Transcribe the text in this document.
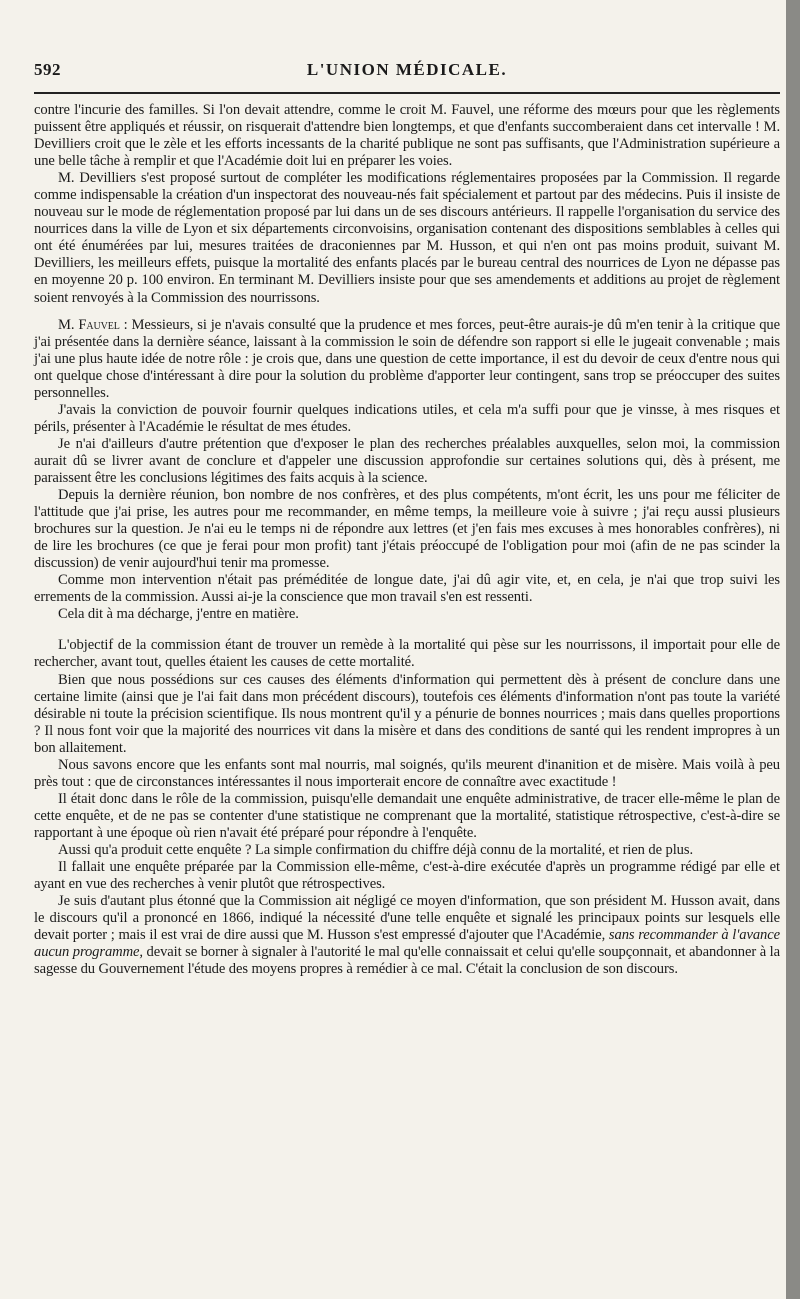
592	L'UNION MÉDICALE.

contre l'incurie des familles. Si l'on devait attendre, comme le croit M. Fauvel, une réforme des mœurs pour que les règlements puissent être appliqués et réussir, on risquerait d'attendre bien longtemps, et que d'enfants succomberaient dans cet intervalle ! M. Devilliers croit que le zèle et les efforts incessants de la charité publique ne sont pas suffisants, que l'Administration supérieure a une belle tâche à remplir et que l'Académie doit lui en préparer les voies.

M. Devilliers s'est proposé surtout de compléter les modifications réglementaires proposées par la Commission. Il regarde comme indispensable la création d'un inspectorat des nouveau-nés fait spécialement et partout par des médecins. Puis il insiste de nouveau sur le mode de réglementation proposé par lui dans un de ses discours antérieurs. Il rappelle l'organisation du service des nourrices dans la ville de Lyon et six départements circonvoisins, organisation contenant des dispositions semblables à celles qui ont été énumérées par lui, mesures traitées de draconiennes par M. Husson, et qui n'en ont pas moins produit, suivant M. Devilliers, les meilleurs effets, puisque la mortalité des enfants placés par le bureau central des nourrices de Lyon ne dépasse pas en moyenne 20 p. 100 environ. En terminant M. Devilliers insiste pour que ses amendements et additions au projet de règlement soient renvoyés à la Commission des nourrissons.

M. Fauvel : Messieurs, si je n'avais consulté que la prudence et mes forces, peut-être aurais-je dû m'en tenir à la critique que j'ai présentée dans la dernière séance, laissant à la commission le soin de défendre son rapport si elle le jugeait convenable ; mais j'ai une plus haute idée de notre rôle : je crois que, dans une question de cette importance, il est du devoir de ceux d'entre nous qui ont quelque chose d'intéressant à dire pour la solution du problème d'apporter leur contingent, sans trop se préoccuper des suites personnelles.

J'avais la conviction de pouvoir fournir quelques indications utiles, et cela m'a suffi pour que je vinsse, à mes risques et périls, présenter à l'Académie le résultat de mes études.

Je n'ai d'ailleurs d'autre prétention que d'exposer le plan des recherches préalables auxquelles, selon moi, la commission aurait dû se livrer avant de conclure et d'appeler une discussion approfondie sur certaines solutions qui, dès à présent, me paraissent être les conclusions légitimes des faits acquis à la science.

Depuis la dernière réunion, bon nombre de nos confrères, et des plus compétents, m'ont écrit, les uns pour me féliciter de l'attitude que j'ai prise, les autres pour me recommander, en même temps, la meilleure voie à suivre ; j'ai reçu aussi plusieurs brochures sur la question. Je n'ai eu le temps ni de répondre aux lettres (et j'en fais mes excuses à mes honorables confrères), ni de lire les brochures (ce que je ferai pour mon profit) tant j'étais préoccupé de l'obligation pour moi (afin de ne pas scinder la discussion) de venir aujourd'hui tenir ma promesse.

Comme mon intervention n'était pas préméditée de longue date, j'ai dû agir vite, et, en cela, je n'ai que trop suivi les errements de la commission. Aussi ai-je la conscience que mon travail s'en est ressenti.

Cela dit à ma décharge, j'entre en matière.

L'objectif de la commission étant de trouver un remède à la mortalité qui pèse sur les nourrissons, il importait pour elle de rechercher, avant tout, quelles étaient les causes de cette mortalité.

Bien que nous possédions sur ces causes des éléments d'information qui permettent dès à présent de conclure dans une certaine limite (ainsi que je l'ai fait dans mon précédent discours), toutefois ces éléments d'information n'ont pas toute la variété désirable ni toute la précision scientifique. Ils nous montrent qu'il y a pénurie de bonnes nourrices ; mais dans quelles proportions ? Il nous font voir que la majorité des nourrices vit dans la misère et dans des conditions de santé qui les rendent impropres à un bon allaitement.

Nous savons encore que les enfants sont mal nourris, mal soignés, qu'ils meurent d'inanition et de misère. Mais voilà à peu près tout : que de circonstances intéressantes il nous importerait encore de connaître avec exactitude !

Il était donc dans le rôle de la commission, puisqu'elle demandait une enquête administrative, de tracer elle-même le plan de cette enquête, et de ne pas se contenter d'une statistique ne comprenant que la mortalité, statistique rétrospective, c'est-à-dire se rapportant à une époque où rien n'avait été préparé pour répondre à l'enquête.

Aussi qu'a produit cette enquête ? La simple confirmation du chiffre déjà connu de la mortalité, et rien de plus.

Il fallait une enquête préparée par la Commission elle-même, c'est-à-dire exécutée d'après un programme rédigé par elle et ayant en vue des recherches à venir plutôt que rétrospectives.

Je suis d'autant plus étonné que la Commission ait négligé ce moyen d'information, que son président M. Husson avait, dans le discours qu'il a prononcé en 1866, indiqué la nécessité d'une telle enquête et signalé les principaux points sur lesquels elle devait porter ; mais il est vrai de dire aussi que M. Husson s'est empressé d'ajouter que l'Académie, sans recommander à l'avance aucun programme, devait se borner à signaler à l'autorité le mal qu'elle connaissait et celui qu'elle soupçonnait, et abandonner à la sagesse du Gouvernement l'étude des moyens propres à remédier à ce mal. C'était la conclusion de son discours.
